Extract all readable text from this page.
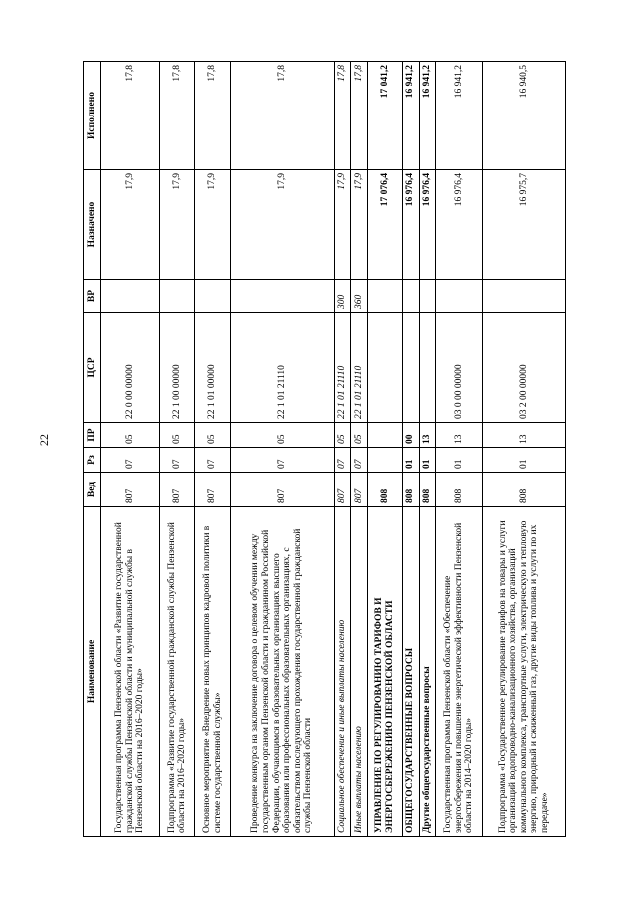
22
Наименование	Вед	Рз	ПР	ЦСР	ВР	Назначено	Исполнено
Государственная программа Пензенской области «Развитие государственной гражданской службы Пензенской области и муниципальной службы в Пензенской области на 2016–2020 годы»	807	07	05	22 0 00 00000		17,9	17,8
Подпрограмма «Развитие государственной гражданской службы Пензенской области на 2016–2020 годы»	807	07	05	22 1 00 00000		17,9	17,8
Основное мероприятие «Внедрение новых принципов кадровой политики в системе государственной службы»	807	07	05	22 1 01 00000		17,9	17,8
Проведение конкурса на заключение договора о целевом обучении между государственным органом Пензенской области и гражданином Российской Федерации, обучающимся в образовательных организациях высшего образования или профессиональных образовательных организациях, с обязательством последующего прохождения государственной гражданской службы Пензенской области	807	07	05	22 1 01 21110		17,9	17,8
Социальное обеспечение и иные выплаты населению	807	07	05	22 1 01 21110	300	17,9	17,8
Иные выплаты населению	807	07	05	22 1 01 21110	360	17,9	17,8
УПРАВЛЕНИЕ ПО РЕГУЛИРОВАНИЮ ТАРИФОВ И ЭНЕРГОСБЕРЕЖЕНИЮ ПЕНЗЕНСКОЙ ОБЛАСТИ	808					17 076,4	17 041,2
ОБЩЕГОСУДАРСТВЕННЫЕ ВОПРОСЫ	808	01	00			16 976,4	16 941,2
Другие общегосударственные вопросы	808	01	13			16 976,4	16 941,2
Государственная программа Пензенской области «Обеспечение энергосбережения и повышение энергетической эффективности Пензенской области на 2014–2020 годы»	808	01	13	03 0 00 00000		16 976,4	16 941,2
Подпрограмма «Государственное регулирование тарифов на товары и услуги организаций водопроводно-канализационного хозяйства, организаций коммунального комплекса, транспортные услуги, электрическую и тепловую энергию, природный и сжиженный газ, другие виды топлива и услуги по их передаче»	808	01	13	03 2 00 00000		16 975,7	16 940,5
